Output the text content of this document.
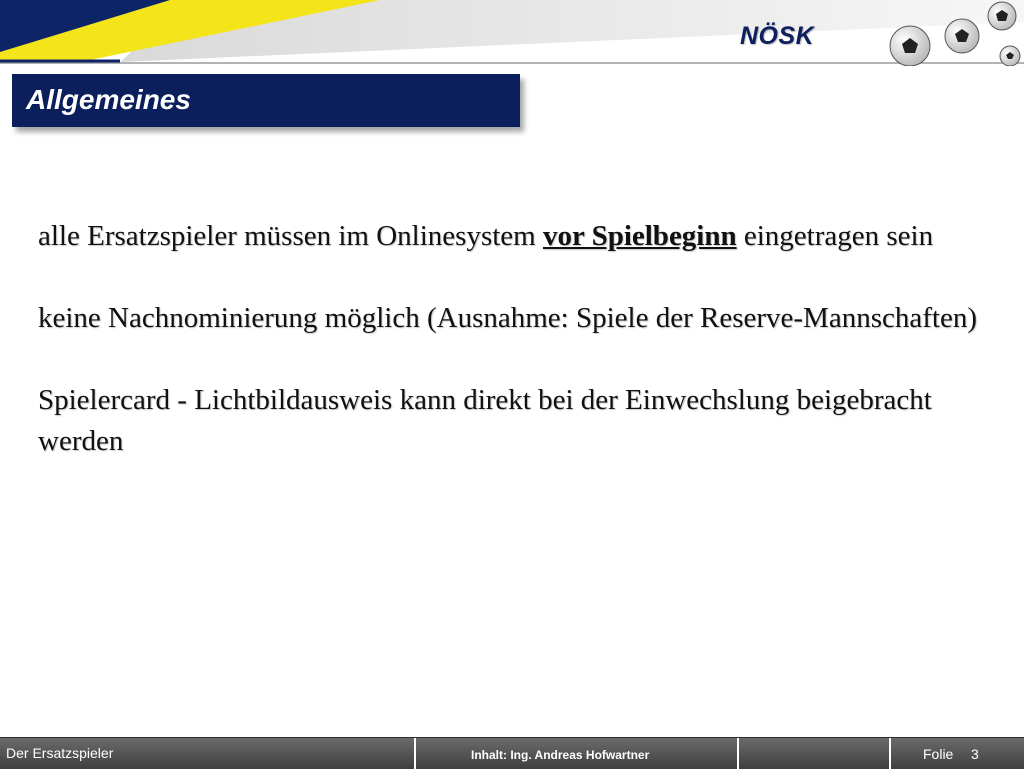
NÖSK
Allgemeines

alle Ersatzspieler müssen im Onlinesystem vor Spielbeginn eingetragen sein

keine Nachnominierung möglich (Ausnahme: Spiele der Reserve-Mannschaften)

Spielercard - Lichtbildausweis kann direkt bei der Einwechslung beigebracht werden

Der Ersatzspieler	Inhalt: Ing. Andreas Hofwartner	Folie 3
